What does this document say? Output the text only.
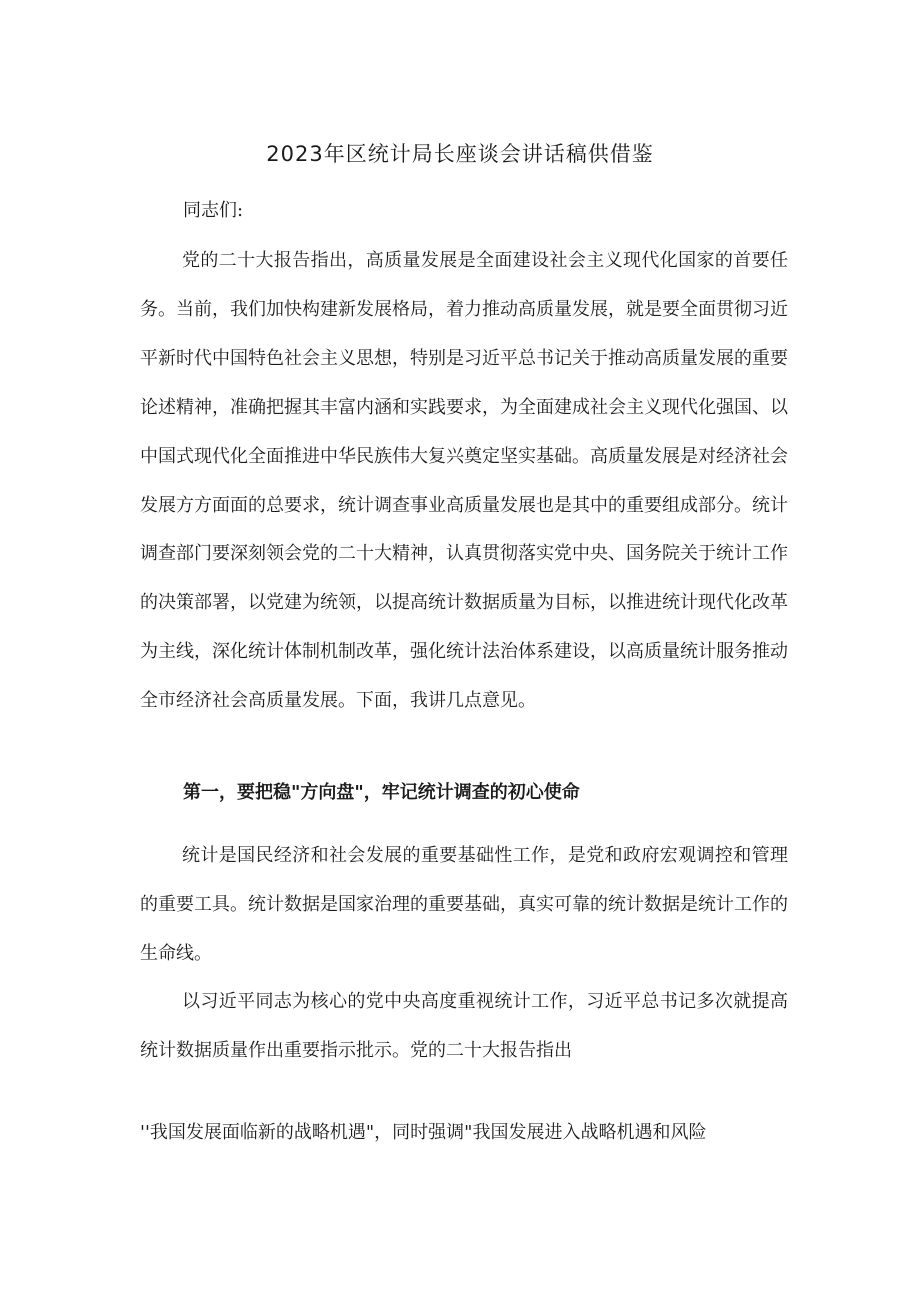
2023年区统计局长座谈会讲话稿供借鉴
同志们:

党的二十大报告指出，高质量发展是全面建设社会主义现代化国家的首要任务。当前，我们加快构建新发展格局，着力推动高质量发展，就是要全面贯彻习近平新时代中国特色社会主义思想，特别是习近平总书记关于推动高质量发展的重要论述精神，准确把握其丰富内涵和实践要求，为全面建成社会主义现代化强国、以中国式现代化全面推进中华民族伟大复兴奠定坚实基础。高质量发展是对经济社会发展方方面面的总要求，统计调查事业高质量发展也是其中的重要组成部分。统计调查部门要深刻领会党的二十大精神，认真贯彻落实党中央、国务院关于统计工作的决策部署，以党建为统领，以提高统计数据质量为目标，以推进统计现代化改革为主线，深化统计体制机制改革，强化统计法治体系建设，以高质量统计服务推动全市经济社会高质量发展。下面，我讲几点意见。

第一，要把稳"方向盘"，牢记统计调查的初心使命

统计是国民经济和社会发展的重要基础性工作，是党和政府宏观调控和管理的重要工具。统计数据是国家治理的重要基础，真实可靠的统计数据是统计工作的生命线。

以习近平同志为核心的党中央高度重视统计工作，习近平总书记多次就提高统计数据质量作出重要指示批示。党的二十大报告指出

''我国发展面临新的战略机遇"，同时强调"我国发展进入战略机遇和风险
